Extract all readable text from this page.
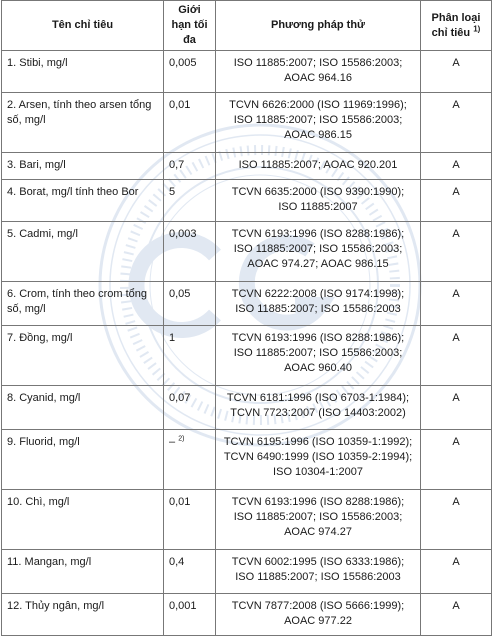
Tên chỉ tiêu	Giới hạn tối đa	Phương pháp thử	Phân loại chỉ tiêu $^{1)}$
1. Stibi, mg/l	0,005	ISO 11885:2007; ISO 15586:2003;
AOAC 964.16	A
2. Arsen, tính theo arsen tổng số, mg/l	0,01	TCVN 6626:2000 (ISO 11969:1996);
ISO 11885:2007; ISO 15586:2003;
AOAC 986.15	A
3. Bari, mg/l	0,7	ISO 11885:2007; AOAC 920.201	A
4. Borat, mg/l tính theo Bor	5	TCVN 6635:2000 (ISO 9390:1990);
ISO 11885:2007	A
5. Cadmi, mg/l	0,003	TCVN 6193:1996 (ISO 8288:1986);
ISO 11885:2007; ISO 15586:2003;
AOAC 974.27; AOAC 986.15	A
6. Crom, tính theo crom tổng số, mg/l	0,05	TCVN 6222:2008 (ISO 9174:1998);
ISO 11885:2007; ISO 15586:2003	A
7. Đồng, mg/l	1	TCVN 6193:1996 (ISO 8288:1986);
ISO 11885:2007; ISO 15586:2003;
AOAC 960.40	A
8. Cyanid, mg/l	0,07	TCVN 6181:1996 (ISO 6703-1:1984);
TCVN 7723:2007 (ISO 14403:2002)	A
9. Fluorid, mg/l	– $^{2)}$	TCVN 6195:1996 (ISO 10359-1:1992);
TCVN 6490:1999 (ISO 10359-2:1994);
ISO 10304-1:2007	A
10. Chì, mg/l	0,01	TCVN 6193:1996 (ISO 8288:1986);
ISO 11885:2007; ISO 15586:2003;
AOAC 974.27	A
11. Mangan, mg/l	0,4	TCVN 6002:1995 (ISO 6333:1986);
ISO 11885:2007; ISO 15586:2003	A
12. Thủy ngân, mg/l	0,001	TCVN 7877:2008 (ISO 5666:1999);
AOAC 977.22	A
